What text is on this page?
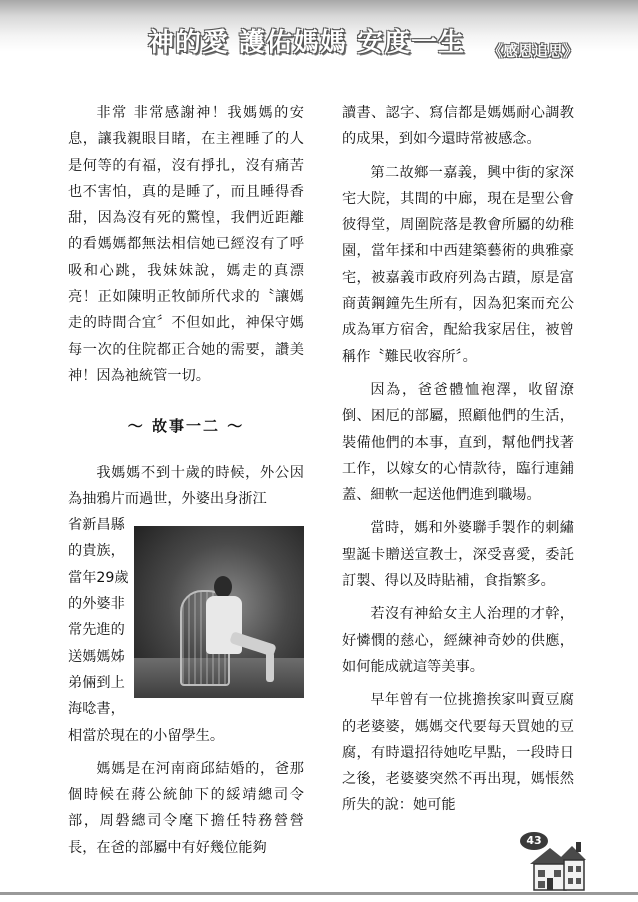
神的愛 護佑媽媽 安度一生 《感恩追思》

非常 非常感謝神！我媽媽的安息，讓我親眼目睹，在主裡睡了的人是何等的有福，沒有掙扎，沒有痛苦也不害怕，真的是睡了，而且睡得香甜，因為沒有死的驚惶，我們近距離的看媽媽都無法相信她已經沒有了呼吸和心跳，我妹妹說，媽走的真漂亮！正如陳明正牧師所代求的〝讓媽走的時間合宜〞不但如此，神保守媽每一次的住院都正合她的需要，讚美神！因為祂統管一切。

～ 故事一二 ～

我媽媽不到十歲的時候，外公因為抽鴉片而過世，外婆出身浙江

省新昌縣

的貴族，

當年29歲

的外婆非

常先進的

送媽媽姊

弟倆到上

海唸書，

相當於現在的小留學生。

媽媽是在河南商邱結婚的，爸那個時候在蔣公統帥下的綏靖總司令部，周磐總司令麾下擔任特務營營長，在爸的部屬中有好幾位能夠

讀書、認字、寫信都是媽媽耐心調教的成果，到如今還時常被感念。

第二故鄉一嘉義，興中街的家深宅大院，其間的中廊，現在是聖公會彼得堂，周圍院落是教會所屬的幼稚園，當年揉和中西建築藝術的典雅豪宅，被嘉義市政府列為古蹟，原是富商黃鋼鐘先生所有，因為犯案而充公成為軍方宿舍，配給我家居住，被曾稱作〝難民收容所〞。

因為，爸爸體恤袍澤，收留潦倒、困厄的部屬，照顧他們的生活，裝備他們的本事，直到，幫他們找著工作，以嫁女的心情款待，臨行連鋪蓋、細軟一起送他們進到職場。

當時，媽和外婆聯手製作的刺繡聖誕卡贈送宣教士，深受喜愛，委託訂製、得以及時貼補，食指繁多。

若沒有神給女主人治理的才幹，好憐憫的慈心，經練神奇妙的供應，如何能成就這等美事。

早年曾有一位挑擔挨家叫賣豆腐的老婆婆，媽媽交代要每天買她的豆腐，有時還招待她吃早點，一段時日之後，老婆婆突然不再出現，媽悵然所失的說：她可能

43
